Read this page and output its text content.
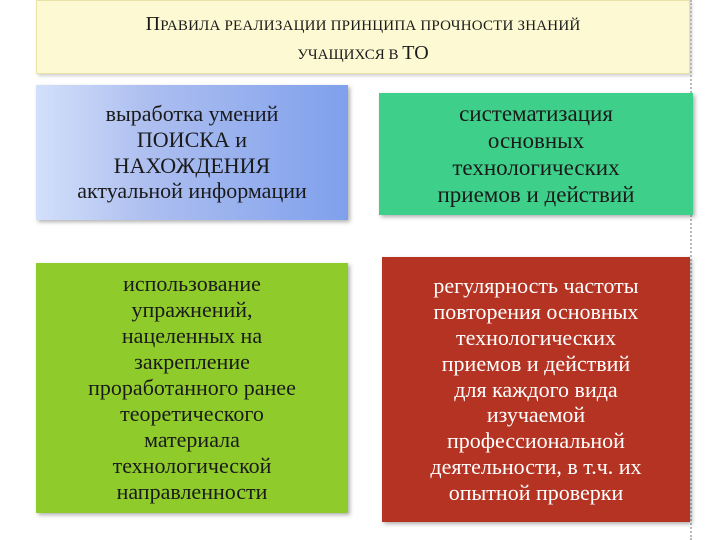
ПРАВИЛА РЕАЛИЗАЦИИ ПРИНЦИПА ПРОЧНОСТИ ЗНАНИЙ
УЧАЩИХСЯ В ТО
выработка умений
ПОИСКА и
НАХОЖДЕНИЯ
актуальной информации
систематизация
основных
технологических
приемов и действий
использование
упражнений,
нацеленных на
закрепление
проработанного ранее
теоретического
материала
технологической
направленности
регулярность частоты
повторения основных
технологических
приемов и действий
для каждого вида
изучаемой
профессиональной
деятельности, в т.ч. их
опытной проверки
